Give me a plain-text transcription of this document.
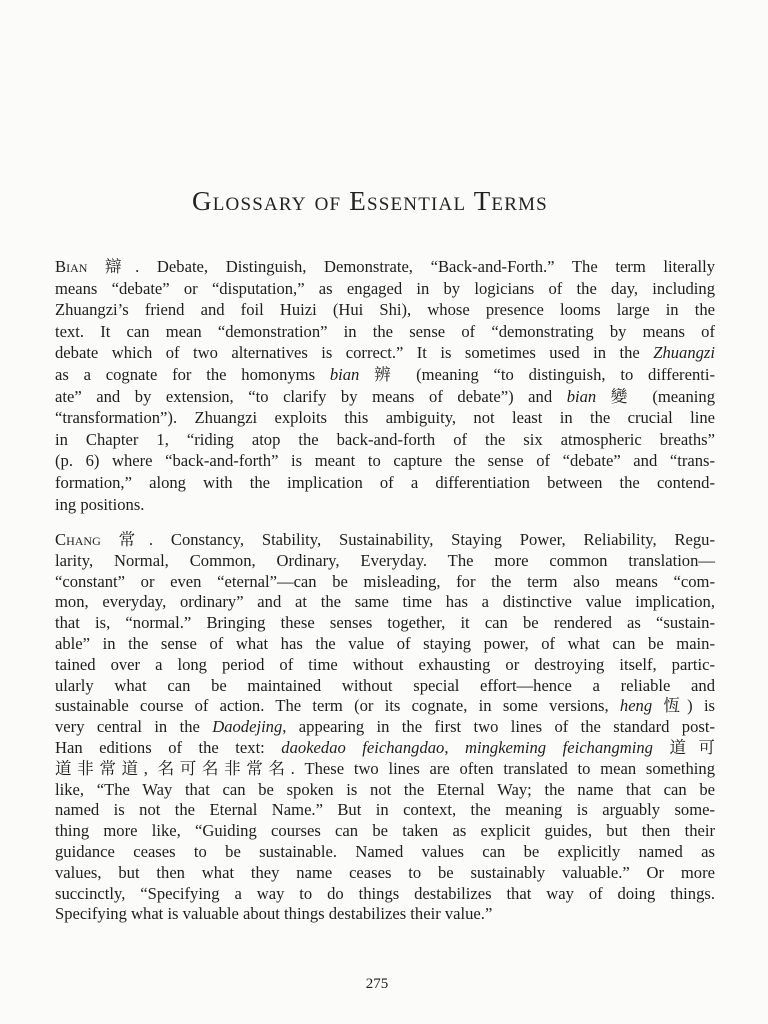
Glossary of Essential Terms
Bian 辯. Debate, Distinguish, Demonstrate, “Back-and-Forth.” The term literally
means “debate” or “disputation,” as engaged in by logicians of the day, including
Zhuangzi’s friend and foil Huizi (Hui Shi), whose presence looms large in the
text. It can mean “demonstration” in the sense of “demonstrating by means of
debate which of two alternatives is correct.” It is sometimes used in the Zhuangzi
as a cognate for the homonyms bian 辨 (meaning “to distinguish, to differenti-
ate” and by extension, “to clarify by means of debate”) and bian 變 (meaning
“transformation”). Zhuangzi exploits this ambiguity, not least in the crucial line
in Chapter 1, “riding atop the back-and-forth of the six atmospheric breaths”
(p. 6) where “back-and-forth” is meant to capture the sense of “debate” and “trans-
formation,” along with the implication of a differentiation between the contend-
ing positions.
Chang 常. Constancy, Stability, Sustainability, Staying Power, Reliability, Regu-
larity, Normal, Common, Ordinary, Everyday. The more common translation—
“constant” or even “eternal”—can be misleading, for the term also means “com-
mon, everyday, ordinary” and at the same time has a distinctive value implication,
that is, “normal.” Bringing these senses together, it can be rendered as “sustain-
able” in the sense of what has the value of staying power, of what can be main-
tained over a long period of time without exhausting or destroying itself, partic-
ularly what can be maintained without special effort—hence a reliable and
sustainable course of action. The term (or its cognate, in some versions, heng 恆) is
very central in the Daodejing, appearing in the first two lines of the standard post-
Han editions of the text: daokedao feichangdao, mingkeming feichangming 道可
道非常道, 名可名非常名. These two lines are often translated to mean something
like, “The Way that can be spoken is not the Eternal Way; the name that can be
named is not the Eternal Name.” But in context, the meaning is arguably some-
thing more like, “Guiding courses can be taken as explicit guides, but then their
guidance ceases to be sustainable. Named values can be explicitly named as
values, but then what they name ceases to be sustainably valuable.” Or more
succinctly, “Specifying a way to do things destabilizes that way of doing things.
Specifying what is valuable about things destabilizes their value.”
275
